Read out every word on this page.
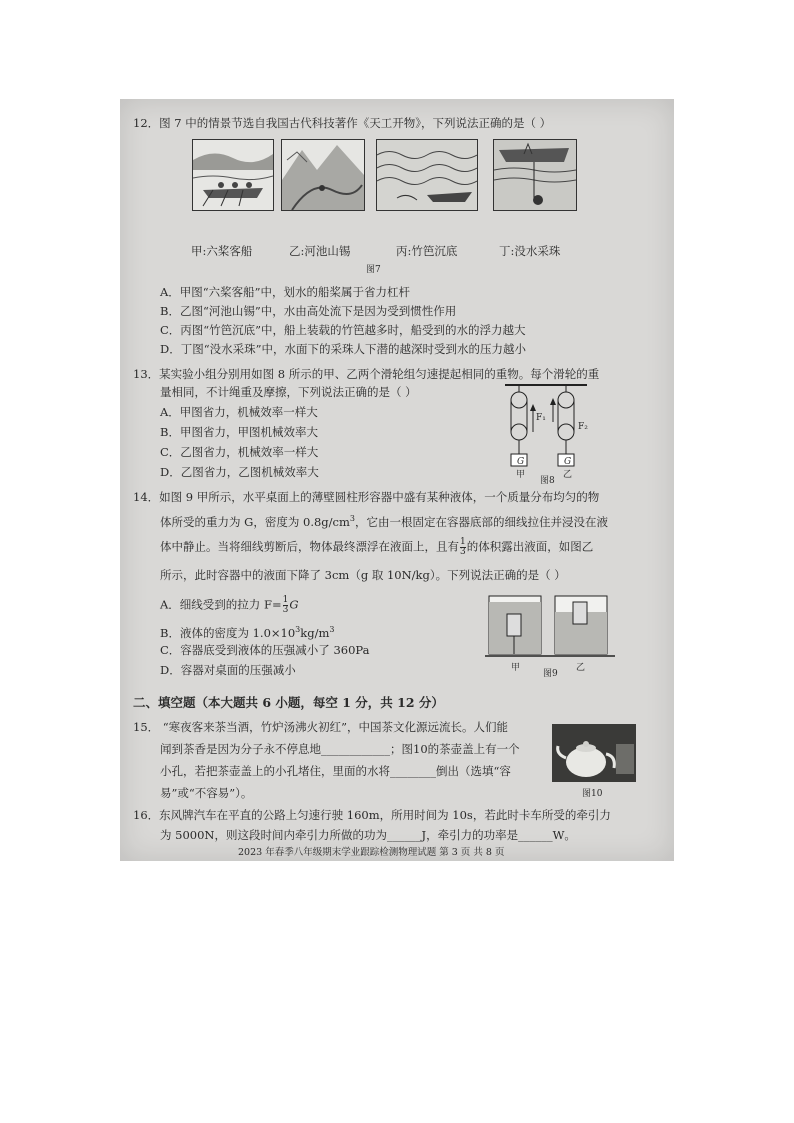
12．图 7 中的情景节选自我国古代科技著作《天工开物》，下列说法正确的是（ ）
甲:六桨客船	乙:河池山锡	丙:竹笆沉底	丁:没水采珠
图7
A．甲图“六桨客船”中，划水的船桨属于省力杠杆
B．乙图“河池山锡”中，水由高处流下是因为受到惯性作用
C．丙图“竹笆沉底”中，船上装载的竹笆越多时，船受到的水的浮力越大
D．丁图“没水采珠”中，水面下的采珠人下潜的越深时受到水的压力越小
13．某实验小组分别用如图 8 所示的甲、乙两个滑轮组匀速提起相同的重物。每个滑轮的重
量相同，不计绳重及摩擦，下列说法正确的是（ ）
A．甲图省力，机械效率一样大
B．甲图省力，甲图机械效率大
C．乙图省力，机械效率一样大
D．乙图省力，乙图机械效率大
F₁
F₂
G	G
甲
图8
乙
14．如图 9 甲所示，水平桌面上的薄壁圆柱形容器中盛有某种液体，一个质量分布均匀的物
体所受的重力为 G，密度为 $0.8g/cm^3$，它由一根固定在容器底部的细线拉住并浸没在液
体中静止。当将细线剪断后，物体最终漂浮在液面上，且有 $\frac{1}{3}$ 的体积露出液面，如图乙
所示，此时容器中的液面下降了 3cm（g 取 10N/kg）。下列说法正确的是（ ）
A．细线受到的拉力 $F= \frac{1}{3}$ G
B．液体的密度为 $1.0\times 10^3kg/m^3$
C．容器底受到液体的压强减小了 360Pa
D．容器对桌面的压强减小	甲	乙
图9
二、填空题（本大题共 6 小题，每空 1 分，共 12 分）
15． “寒夜客来茶当酒，竹炉汤沸火初红”，中国茶文化源远流长。人们能
闻到茶香是因为分子永不停息地____________；图10的茶壶盖上有一个
小孔，若把茶壶盖上的小孔堵住，里面的水将________倒出（选填“容
易”或“不容易”）。	图10
16．东风牌汽车在平直的公路上匀速行驶 160m，所用时间为 10s，若此时卡车所受的牵引力
为 5000N，则这段时间内牵引力所做的功为______J，牵引力的功率是______W。
2023 年春季八年级期末学业跟踪检测物理试题 第 3 页 共 8 页
